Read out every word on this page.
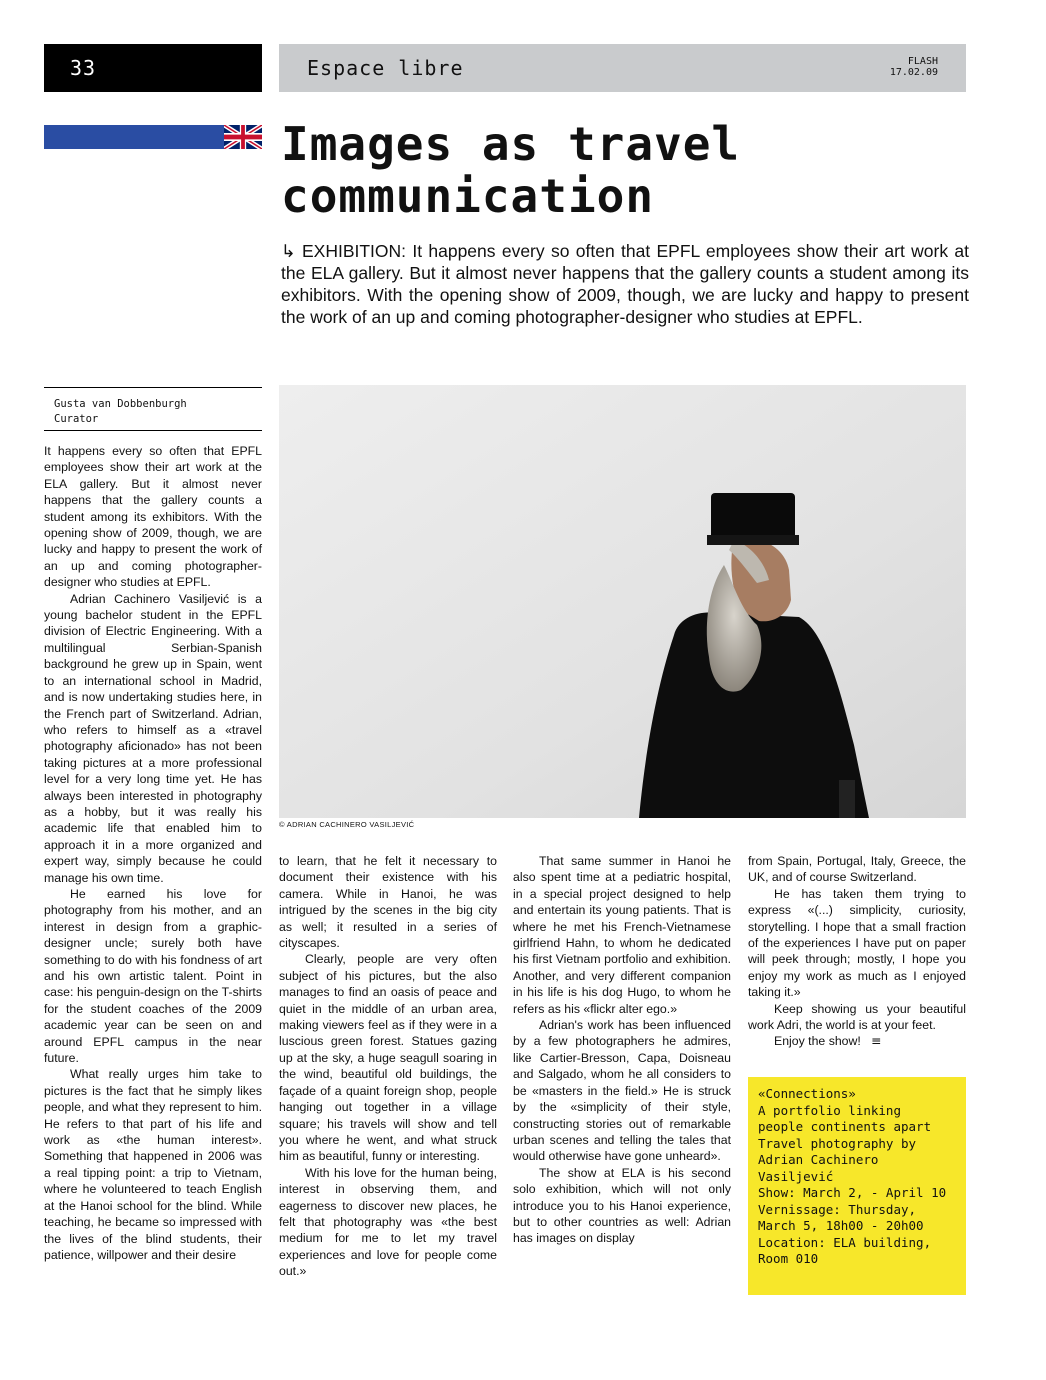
33	Espace libre	FLASH
17.02.09
Images as travel
communication

↳ EXHIBITION: It happens every so often that EPFL employees show their art work at the ELA gallery. But it almost never happens that the gallery counts a student among its exhibitors. With the opening show of 2009, though, we are lucky and happy to present the work of an up and coming photographer-designer who studies at EPFL.

Gusta van Dobbenburgh
Curator
© ADRIAN CACHINERO VASILJEVIĆ

It happens every so often that EPFL employees show their art work at the ELA gallery. But it almost never happens that the gallery counts a student among its exhibitors. With the opening show of 2009, though, we are lucky and happy to present the work of an up and coming photographer-designer who studies at EPFL.

Adrian Cachinero Vasiljević is a young bachelor student in the EPFL division of Electric Engineering. With a multilingual Serbian-Spanish background he grew up in Spain, went to an international school in Madrid, and is now undertaking studies here, in the French part of Switzerland. Adrian, who refers to himself as a «travel photography aficionado» has not been taking pictures at a more professional level for a very long time yet. He has always been interested in photography as a hobby, but it was really his academic life that enabled him to approach it in a more organized and expert way, simply because he could manage his own time.

He earned his love for photography from his mother, and an interest in design from a graphic-designer uncle; surely both have something to do with his fondness of art and his own artistic talent. Point in case: his penguin-design on the T-shirts for the student coaches of the 2009 academic year can be seen on and around EPFL campus in the near future.

What really urges him take to pictures is the fact that he simply likes people, and what they represent to him. He refers to that part of his life and work as «the human interest». Something that happened in 2006 was a real tipping point: a trip to Vietnam, where he volunteered to teach English at the Hanoi school for the blind. While teaching, he became so impressed with the lives of the blind students, their patience, willpower and their desire

to learn, that he felt it necessary to document their existence with his camera. While in Hanoi, he was intrigued by the scenes in the big city as well; it resulted in a series of cityscapes.

Clearly, people are very often subject of his pictures, but the also manages to find an oasis of peace and quiet in the middle of an urban area, making viewers feel as if they were in a luscious green forest. Statues gazing up at the sky, a huge seagull soaring in the wind, beautiful old buildings, the façade of a quaint foreign shop, people hanging out together in a village square; his travels will show and tell you where he went, and what struck him as beautiful, funny or interesting.

With his love for the human being, interest in observing them, and eagerness to discover new places, he felt that photography was «the best medium for me to let my travel experiences and love for people come out.»

That same summer in Hanoi he also spent time at a pediatric hospital, in a special project designed to help and entertain its young patients. That is where he met his French-Vietnamese girlfriend Hahn, to whom he dedicated his first Vietnam portfolio and exhibition. Another, and very different companion in his life is his dog Hugo, to whom he refers as his «flickr alter ego.»

Adrian's work has been influenced by a few photographers he admires, like Cartier-Bresson, Capa, Doisneau and Salgado, whom he all considers to be «masters in the field.» He is struck by the «simplicity of their style, constructing stories out of remarkable urban scenes and telling the tales that would otherwise have gone unheard».

The show at ELA is his second solo exhibition, which will not only introduce you to his Hanoi experience, but to other countries as well: Adrian has images on display

from Spain, Portugal, Italy, Greece, the UK, and of course Switzerland.

He has taken them trying to express «(...) simplicity, curiosity, storytelling. I hope that a small fraction of the experiences I have put on paper will peek through; mostly, I hope you enjoy my work as much as I enjoyed taking it.»

Keep showing us your beautiful work Adri, the world is at your feet.

Enjoy the show! ≡

«Connections»
A portfolio linking
people continents apart
Travel photography by
Adrian Cachinero
Vasiljević
Show: March 2, - April 10
Vernissage: Thursday,
March 5, 18h00 - 20h00
Location: ELA building,
Room 010
